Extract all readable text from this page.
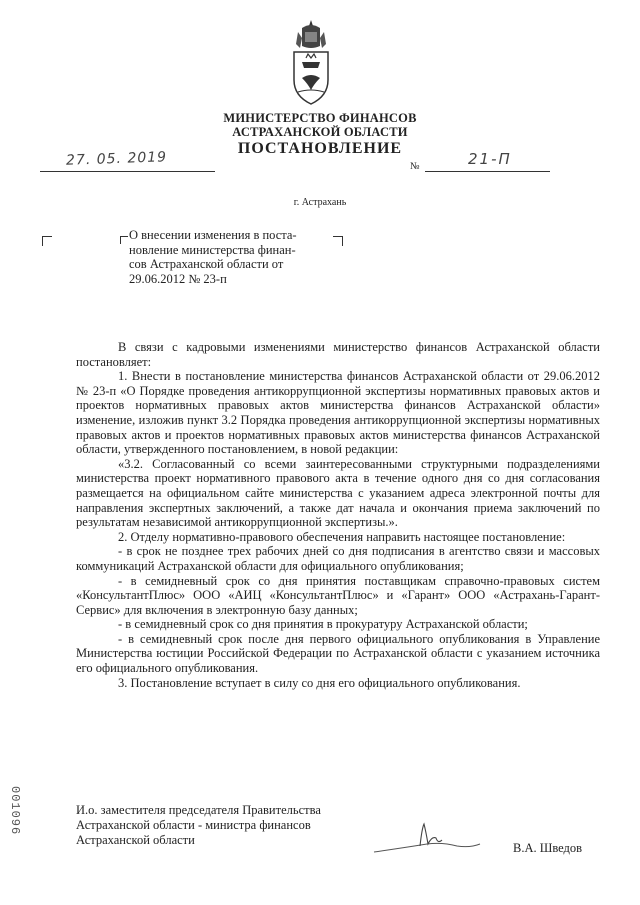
МИНИСТЕРСТВО ФИНАНСОВ
АСТРАХАНСКОЙ ОБЛАСТИ
ПОСТАНОВЛЕНИЕ
27. 05. 2019	№	21-П
г. Астрахань
О внесении изменения в поста-
новление министерства финан-
сов Астраханской области от
29.06.2012 № 23-п

В связи с кадровыми изменениями министерство финансов Астраханской области постановляет:

1. Внести в постановление министерства финансов Астраханской области от 29.06.2012 № 23-п «О Порядке проведения антикоррупционной экспертизы нормативных правовых актов и проектов нормативных правовых актов министерства финансов Астраханской области» изменение, изложив пункт 3.2 Порядка проведения антикоррупционной экспертизы нормативных правовых актов и проектов нормативных правовых актов министерства финансов Астраханской области, утвержденного постановлением, в новой редакции:

«3.2. Согласованный со всеми заинтересованными структурными подразделениями министерства проект нормативного правового акта в течение одного дня со дня согласования размещается на официальном сайте министерства с указанием адреса электронной почты для направления экспертных заключений, а также дат начала и окончания приема заключений по результатам независимой антикоррупционной экспертизы.».

2. Отделу нормативно-правового обеспечения направить настоящее постановление:

- в срок не позднее трех рабочих дней со дня подписания в агентство связи и массовых коммуникаций Астраханской области для официального опубликования;

- в семидневный срок со дня принятия поставщикам справочно-правовых систем «КонсультантПлюс» ООО «АИЦ «КонсультантПлюс» и «Гарант» ООО «Астрахань-Гарант-Сервис» для включения в электронную базу данных;

- в семидневный срок со дня принятия в прокуратуру Астраханской области;

- в семидневный срок после дня первого официального опубликования в Управление Министерства юстиции Российской Федерации по Астраханской области с указанием источника его официального опубликования.

3. Постановление вступает в силу со дня его официального опубликования.

И.о. заместителя председателя Правительства
Астраханской области - министра финансов
Астраханской области
В.А. Шведов
001096
